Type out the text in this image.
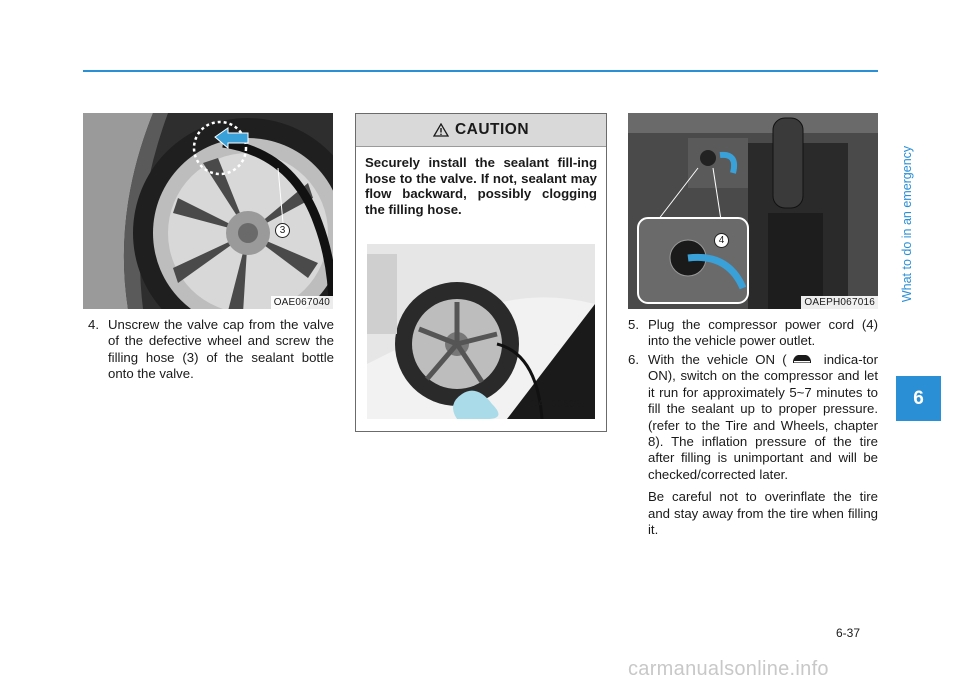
3
OAE067040
4. Unscrew the valve cap from the valve of the defective wheel and screw the filling hose (3) of the sealant bottle onto the valve.
CAUTION
Securely install the sealant fill-ing hose to the valve. If not, sealant may flow backward, possibly clogging the filling hose.
OAE066027
4
OAEPH067016
5. Plug the compressor power cord (4) into the vehicle power outlet.
6. With the vehicle ON ( indica-tor ON), switch on the compressor and let it run for approximately 5~7 minutes to fill the sealant up to proper pressure. (refer to the Tire and Wheels, chapter 8). The inflation pressure of the tire after filling is unimportant and will be checked/corrected later.

Be careful not to overinflate the tire and stay away from the tire when filling it.

What to do in an emergency
6
6-37
carmanualsonline.info
